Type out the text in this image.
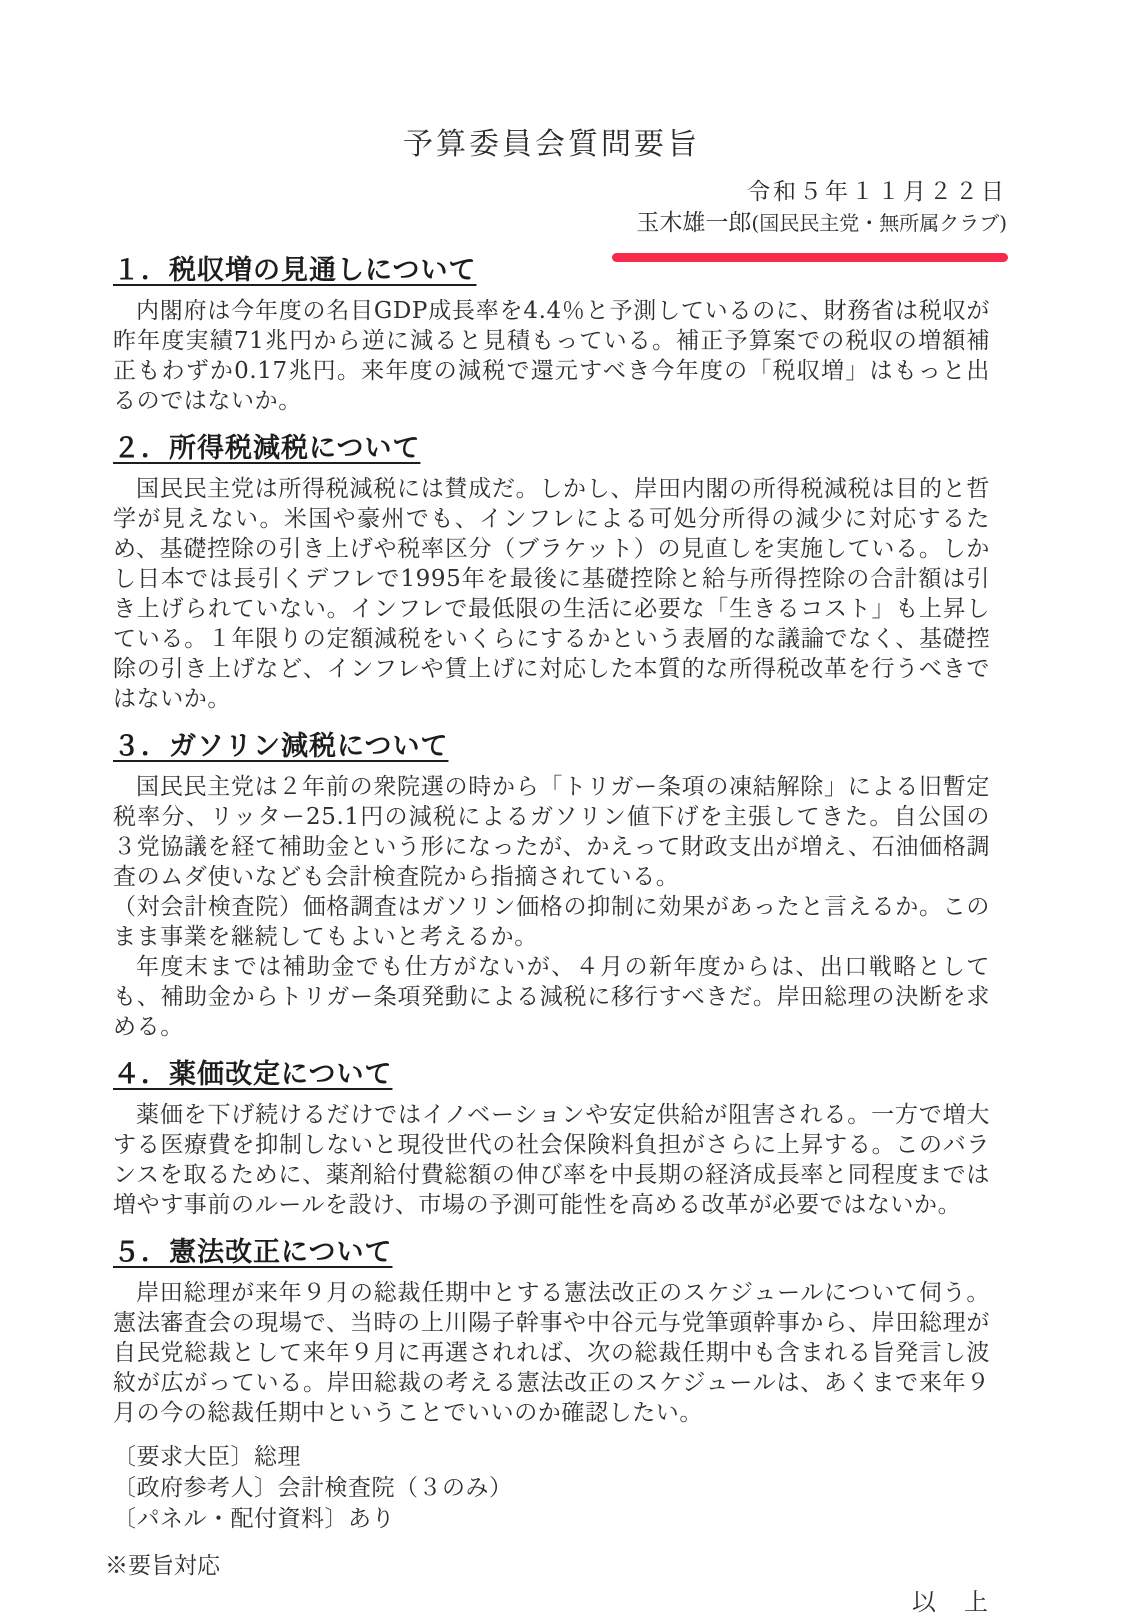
予算委員会質問要旨
令和５年１１月２２日
玉木雄一郎(国民民主党・無所属クラブ)
１．税収増の見通しについて

内閣府は今年度の名目GDP成長率を4.4％と予測しているのに、財務省は税収が昨年度実績71兆円から逆に減ると見積もっている。補正予算案での税収の増額補正もわずか0.17兆円。来年度の減税で還元すべき今年度の「税収増」はもっと出るのではないか。

２．所得税減税について

国民民主党は所得税減税には賛成だ。しかし、岸田内閣の所得税減税は目的と哲学が見えない。米国や豪州でも、インフレによる可処分所得の減少に対応するため、基礎控除の引き上げや税率区分（ブラケット）の見直しを実施している。しかし日本では長引くデフレで1995年を最後に基礎控除と給与所得控除の合計額は引き上げられていない。インフレで最低限の生活に必要な「生きるコスト」も上昇している。１年限りの定額減税をいくらにするかという表層的な議論でなく、基礎控除の引き上げなど、インフレや賃上げに対応した本質的な所得税改革を行うべきではないか。

３．ガソリン減税について

国民民主党は２年前の衆院選の時から「トリガー条項の凍結解除」による旧暫定税率分、リッター25.1円の減税によるガソリン値下げを主張してきた。自公国の３党協議を経て補助金という形になったが、かえって財政支出が増え、石油価格調査のムダ使いなども会計検査院から指摘されている。

（対会計検査院）価格調査はガソリン価格の抑制に効果があったと言えるか。このまま事業を継続してもよいと考えるか。

年度末までは補助金でも仕方がないが、４月の新年度からは、出口戦略としても、補助金からトリガー条項発動による減税に移行すべきだ。岸田総理の決断を求める。

４．薬価改定について

薬価を下げ続けるだけではイノベーションや安定供給が阻害される。一方で増大する医療費を抑制しないと現役世代の社会保険料負担がさらに上昇する。このバランスを取るために、薬剤給付費総額の伸び率を中長期の経済成長率と同程度までは増やす事前のルールを設け、市場の予測可能性を高める改革が必要ではないか。

５．憲法改正について

岸田総理が来年９月の総裁任期中とする憲法改正のスケジュールについて伺う。憲法審査会の現場で、当時の上川陽子幹事や中谷元与党筆頭幹事から、岸田総理が自民党総裁として来年９月に再選されれば、次の総裁任期中も含まれる旨発言し波紋が広がっている。岸田総裁の考える憲法改正のスケジュールは、あくまで来年９月の今の総裁任期中ということでいいのか確認したい。

〔要求大臣〕総理
〔政府参考人〕会計検査院（３のみ）
〔パネル・配付資料〕あり
※要旨対応
以　上
